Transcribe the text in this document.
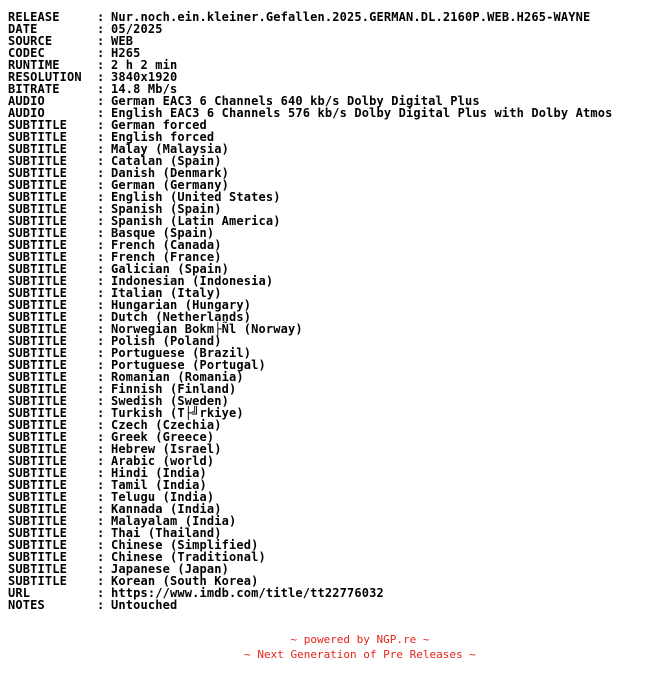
RELEASE	: Nur.noch.ein.kleiner.Gefallen.2025.GERMAN.DL.2160P.WEB.H265-WAYNE
DATE	: 05/2025
SOURCE	: WEB
CODEC	: H265
RUNTIME	: 2 h 2 min
RESOLUTION	: 3840x1920
BITRATE	: 14.8 Mb/s
AUDIO	: German EAC3 6 Channels 640 kb/s Dolby Digital Plus
AUDIO	: English EAC3 6 Channels 576 kb/s Dolby Digital Plus with Dolby Atmos
SUBTITLE	: German forced
SUBTITLE	: English forced
SUBTITLE	: Malay (Malaysia)
SUBTITLE	: Catalan (Spain)
SUBTITLE	: Danish (Denmark)
SUBTITLE	: German (Germany)
SUBTITLE	: English (United States)
SUBTITLE	: Spanish (Spain)
SUBTITLE	: Spanish (Latin America)
SUBTITLE	: Basque (Spain)
SUBTITLE	: French (Canada)
SUBTITLE	: French (France)
SUBTITLE	: Galician (Spain)
SUBTITLE	: Indonesian (Indonesia)
SUBTITLE	: Italian (Italy)
SUBTITLE	: Hungarian (Hungary)
SUBTITLE	: Dutch (Netherlands)
SUBTITLE	: Norwegian Bokm├Ñl (Norway)
SUBTITLE	: Polish (Poland)
SUBTITLE	: Portuguese (Brazil)
SUBTITLE	: Portuguese (Portugal)
SUBTITLE	: Romanian (Romania)
SUBTITLE	: Finnish (Finland)
SUBTITLE	: Swedish (Sweden)
SUBTITLE	: Turkish (T├╝rkiye)
SUBTITLE	: Czech (Czechia)
SUBTITLE	: Greek (Greece)
SUBTITLE	: Hebrew (Israel)
SUBTITLE	: Arabic (world)
SUBTITLE	: Hindi (India)
SUBTITLE	: Tamil (India)
SUBTITLE	: Telugu (India)
SUBTITLE	: Kannada (India)
SUBTITLE	: Malayalam (India)
SUBTITLE	: Thai (Thailand)
SUBTITLE	: Chinese (Simplified)
SUBTITLE	: Chinese (Traditional)
SUBTITLE	: Japanese (Japan)
SUBTITLE	: Korean (South Korea)
URL	: https://www.imdb.com/title/tt22776032
NOTES	: Untouched
~ powered by NGP.re ~
~ Next Generation of Pre Releases ~
